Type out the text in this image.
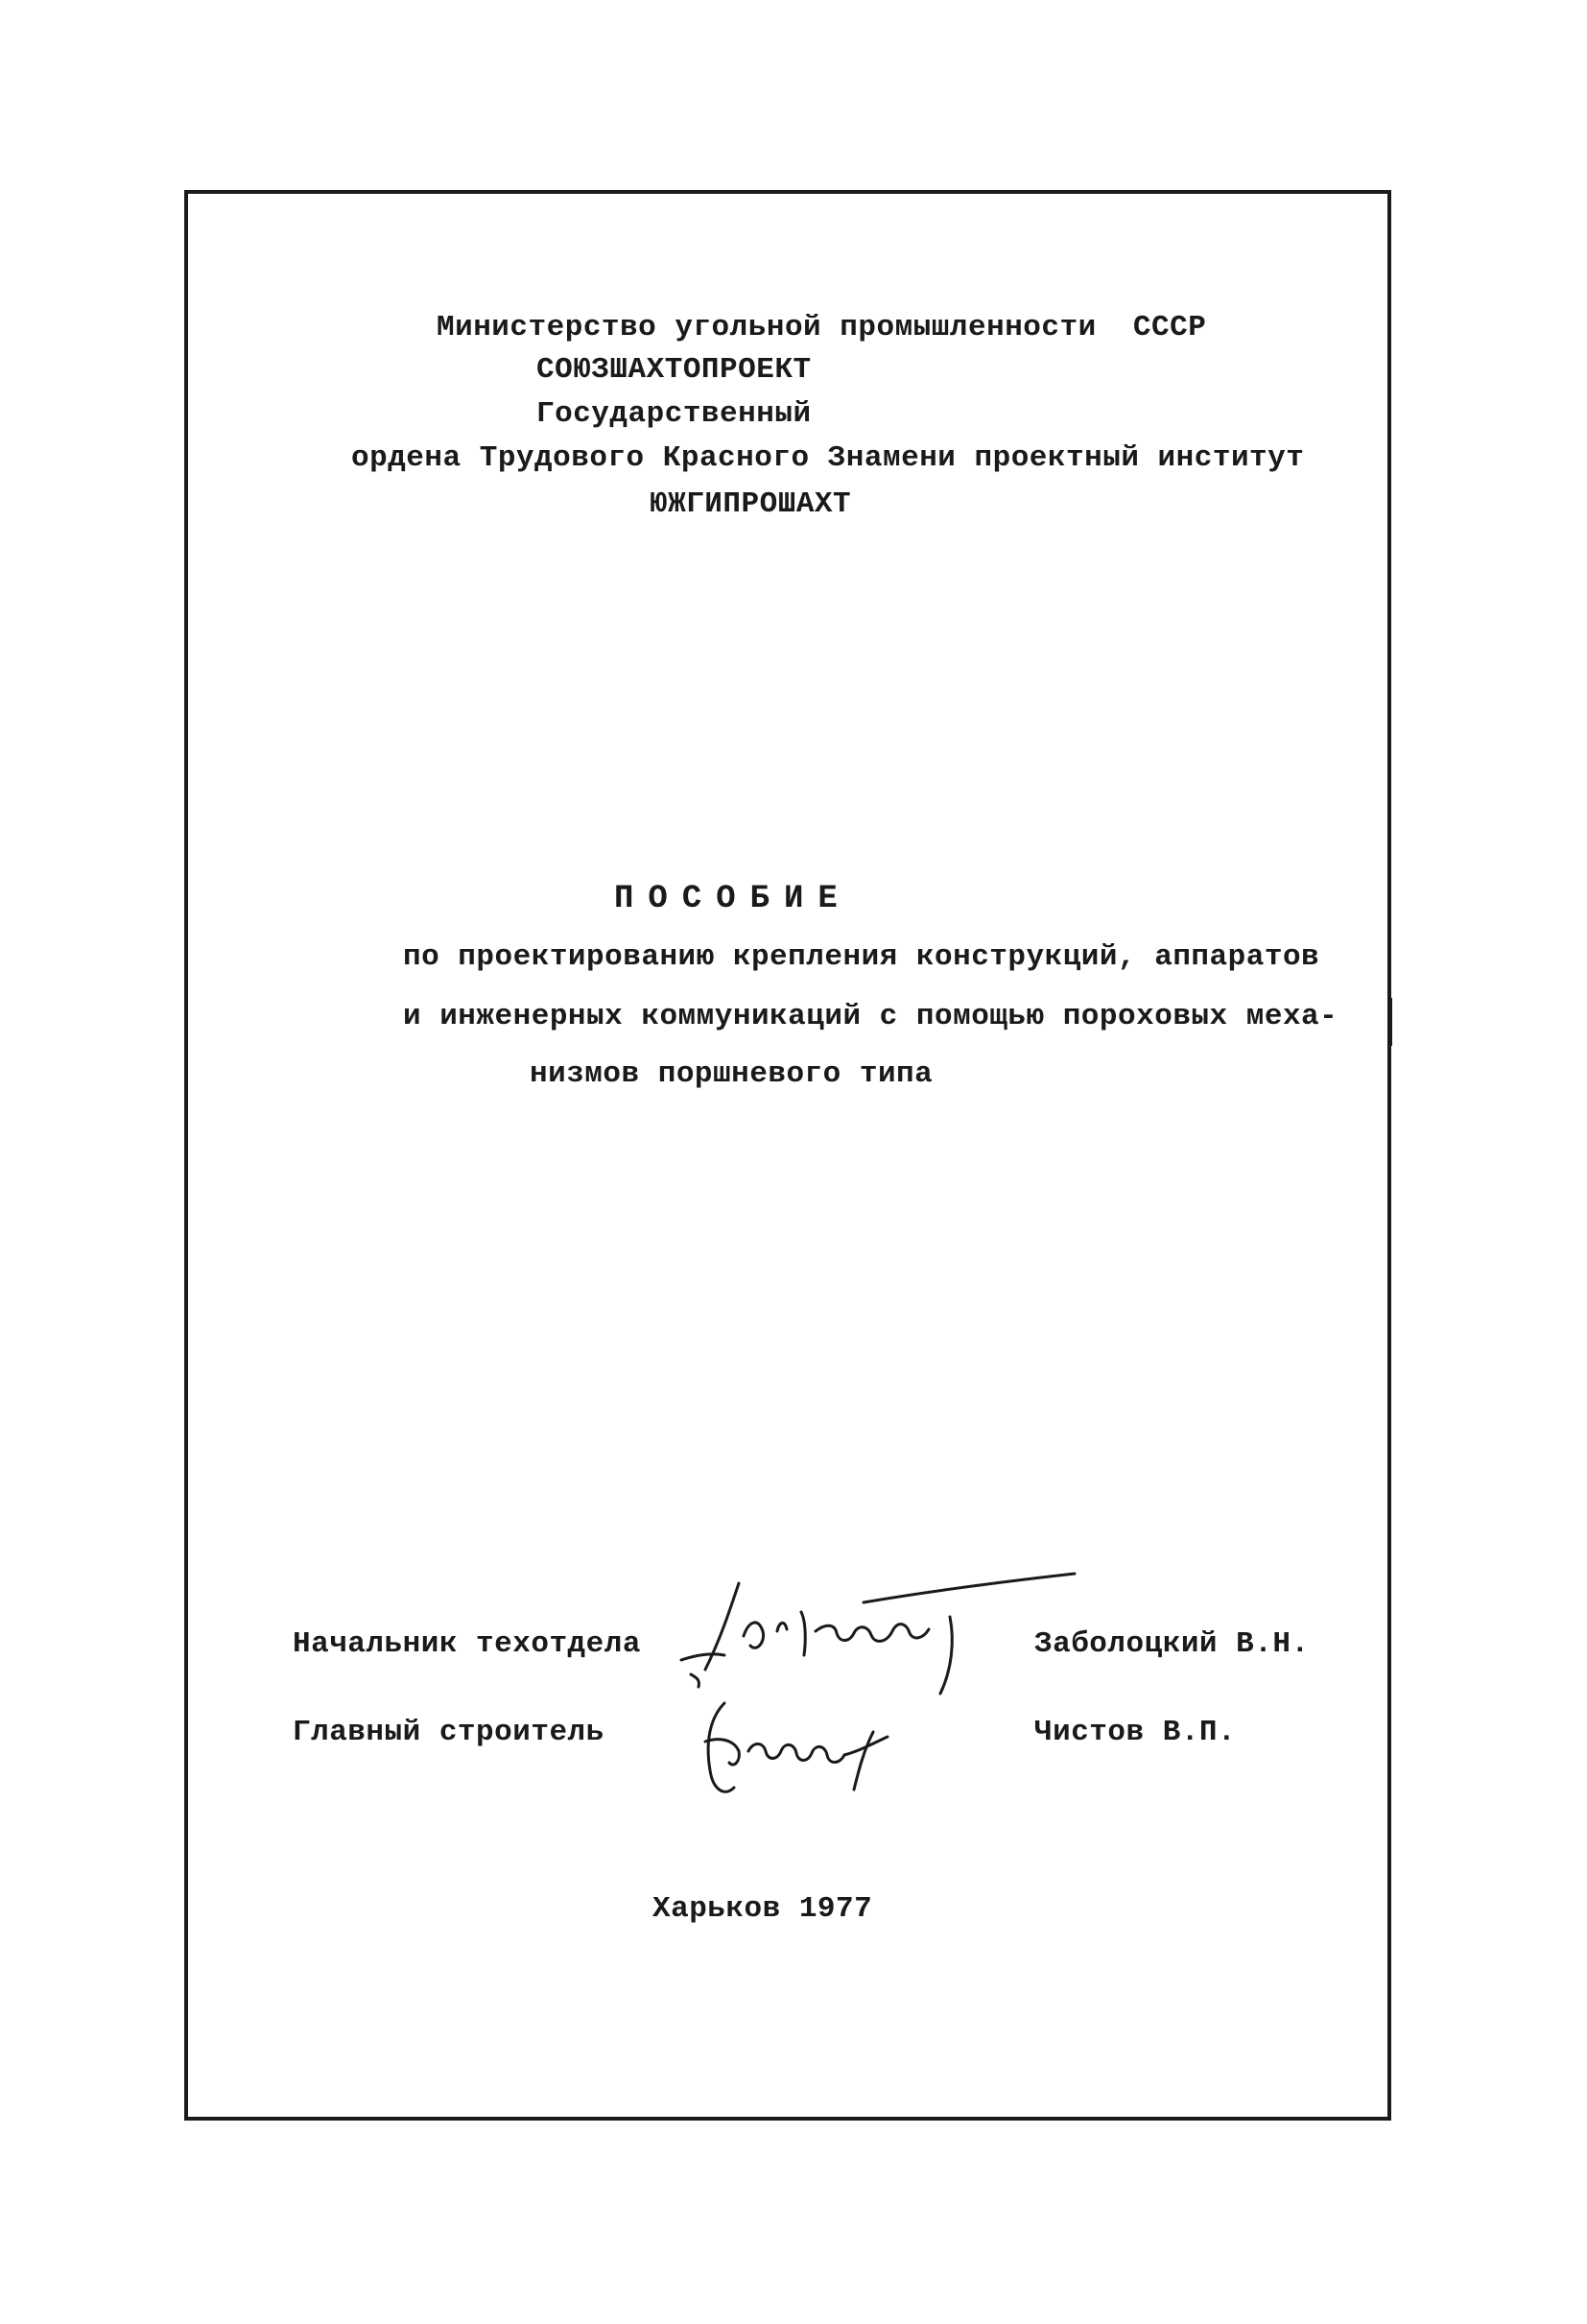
Министерство угольной промышленности  СССР
СОЮЗШАХТОПРОЕКТ
Государственный
ордена Трудового Красного Знамени проектный институт
ЮЖГИПРОШАХТ
ПОСОБИЕ
по проектированию крепления конструкций, аппаратов
и инженерных коммуникаций с помощью пороховых меха-
низмов поршневого типа
Начальник техотдела	Заболоцкий В.Н.
Главный строитель	Чистов В.П.
Харьков 1977
